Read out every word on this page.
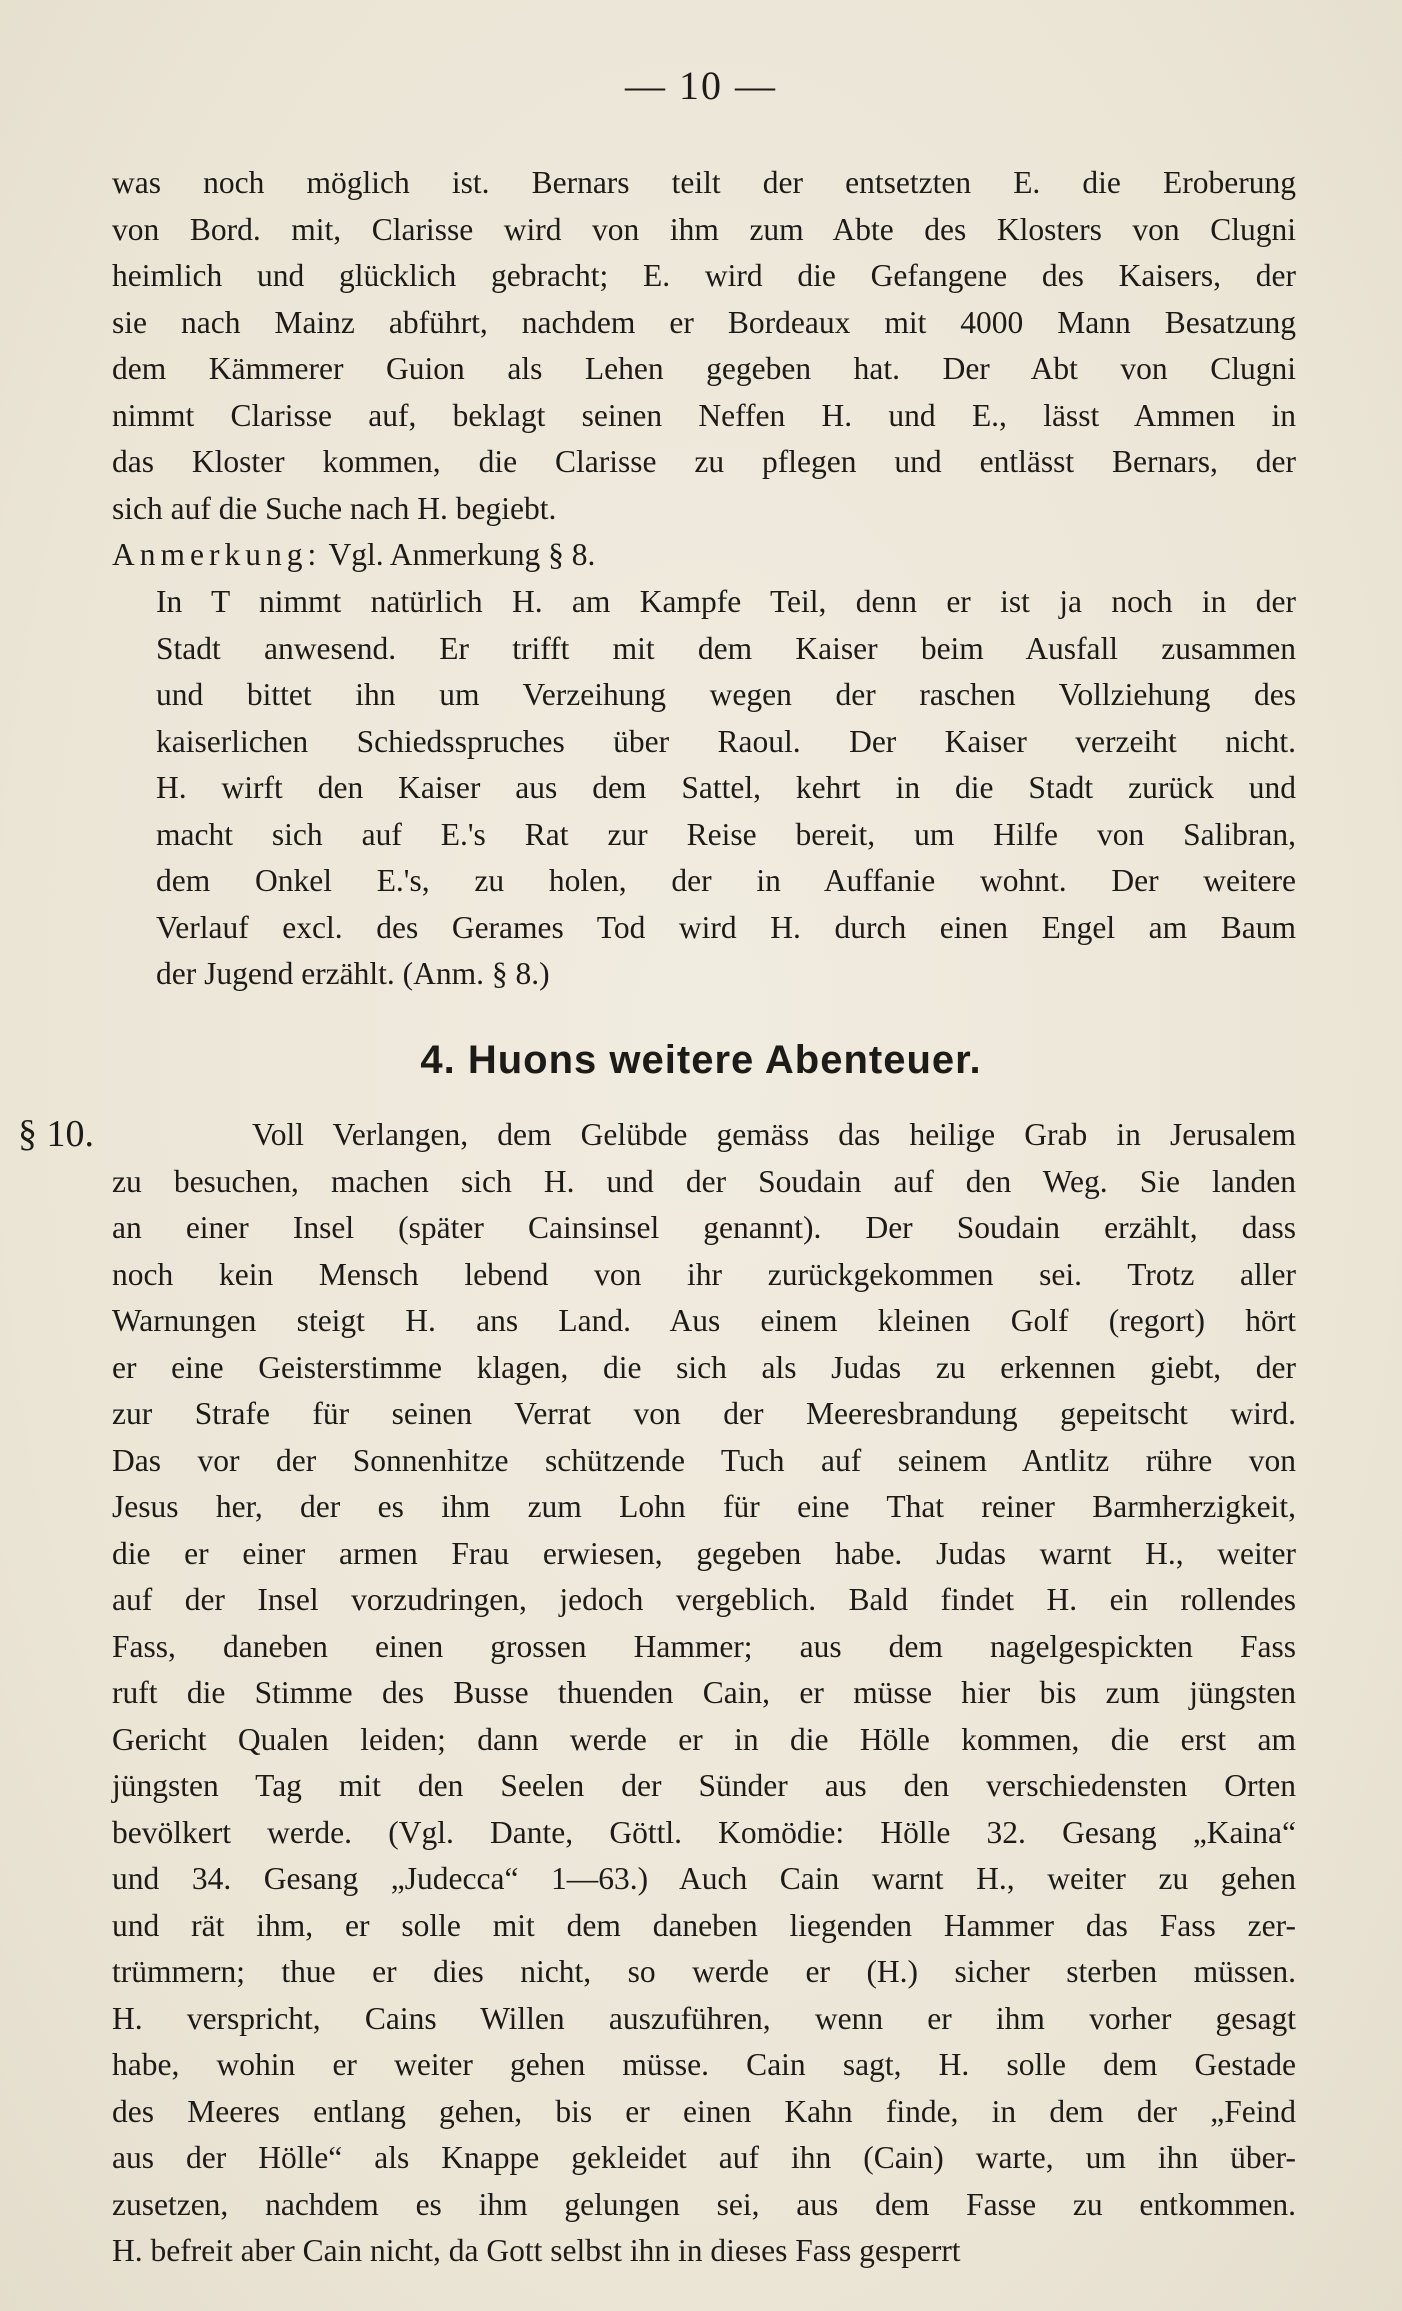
— 10 —
was noch möglich ist. Bernars teilt der entsetzten E. die Eroberung
von Bord. mit, Clarisse wird von ihm zum Abte des Klosters von Clugni
heimlich und glücklich gebracht; E. wird die Gefangene des Kaisers, der
sie nach Mainz abführt, nachdem er Bordeaux mit 4000 Mann Besatzung
dem Kämmerer Guion als Lehen gegeben hat. Der Abt von Clugni
nimmt Clarisse auf, beklagt seinen Neffen H. und E., lässt Ammen in
das Kloster kommen, die Clarisse zu pflegen und entlässt Bernars, der
sich auf die Suche nach H. begiebt.
Anmerkung: Vgl. Anmerkung § 8.
In T nimmt natürlich H. am Kampfe Teil, denn er ist ja noch in der
Stadt anwesend. Er trifft mit dem Kaiser beim Ausfall zusammen
und bittet ihn um Verzeihung wegen der raschen Vollziehung des
kaiserlichen Schiedsspruches über Raoul. Der Kaiser verzeiht nicht.
H. wirft den Kaiser aus dem Sattel, kehrt in die Stadt zurück und
macht sich auf E.'s Rat zur Reise bereit, um Hilfe von Salibran,
dem Onkel E.'s, zu holen, der in Auffanie wohnt. Der weitere
Verlauf excl. des Gerames Tod wird H. durch einen Engel am Baum
der Jugend erzählt. (Anm. § 8.)
4. Huons weitere Abenteuer.
§ 10.	Voll Verlangen, dem Gelübde gemäss das heilige Grab in Jerusalem
zu besuchen, machen sich H. und der Soudain auf den Weg. Sie landen
an einer Insel (später Cainsinsel genannt). Der Soudain erzählt, dass
noch kein Mensch lebend von ihr zurückgekommen sei. Trotz aller
Warnungen steigt H. ans Land. Aus einem kleinen Golf (regort) hört
er eine Geisterstimme klagen, die sich als Judas zu erkennen giebt, der
zur Strafe für seinen Verrat von der Meeresbrandung gepeitscht wird.
Das vor der Sonnenhitze schützende Tuch auf seinem Antlitz rühre von
Jesus her, der es ihm zum Lohn für eine That reiner Barmherzigkeit,
die er einer armen Frau erwiesen, gegeben habe. Judas warnt H., weiter
auf der Insel vorzudringen, jedoch vergeblich. Bald findet H. ein rollendes
Fass, daneben einen grossen Hammer; aus dem nagelgespickten Fass
ruft die Stimme des Busse thuenden Cain, er müsse hier bis zum jüngsten
Gericht Qualen leiden; dann werde er in die Hölle kommen, die erst am
jüngsten Tag mit den Seelen der Sünder aus den verschiedensten Orten
bevölkert werde. (Vgl. Dante, Göttl. Komödie: Hölle 32. Gesang „Kaina“
und 34. Gesang „Judecca“ 1—63.) Auch Cain warnt H., weiter zu gehen
und rät ihm, er solle mit dem daneben liegenden Hammer das Fass zer-
trümmern; thue er dies nicht, so werde er (H.) sicher sterben müssen.
H. verspricht, Cains Willen auszuführen, wenn er ihm vorher gesagt
habe, wohin er weiter gehen müsse. Cain sagt, H. solle dem Gestade
des Meeres entlang gehen, bis er einen Kahn finde, in dem der „Feind
aus der Hölle“ als Knappe gekleidet auf ihn (Cain) warte, um ihn über-
zusetzen, nachdem es ihm gelungen sei, aus dem Fasse zu entkommen.
H. befreit aber Cain nicht, da Gott selbst ihn in dieses Fass gesperrt
